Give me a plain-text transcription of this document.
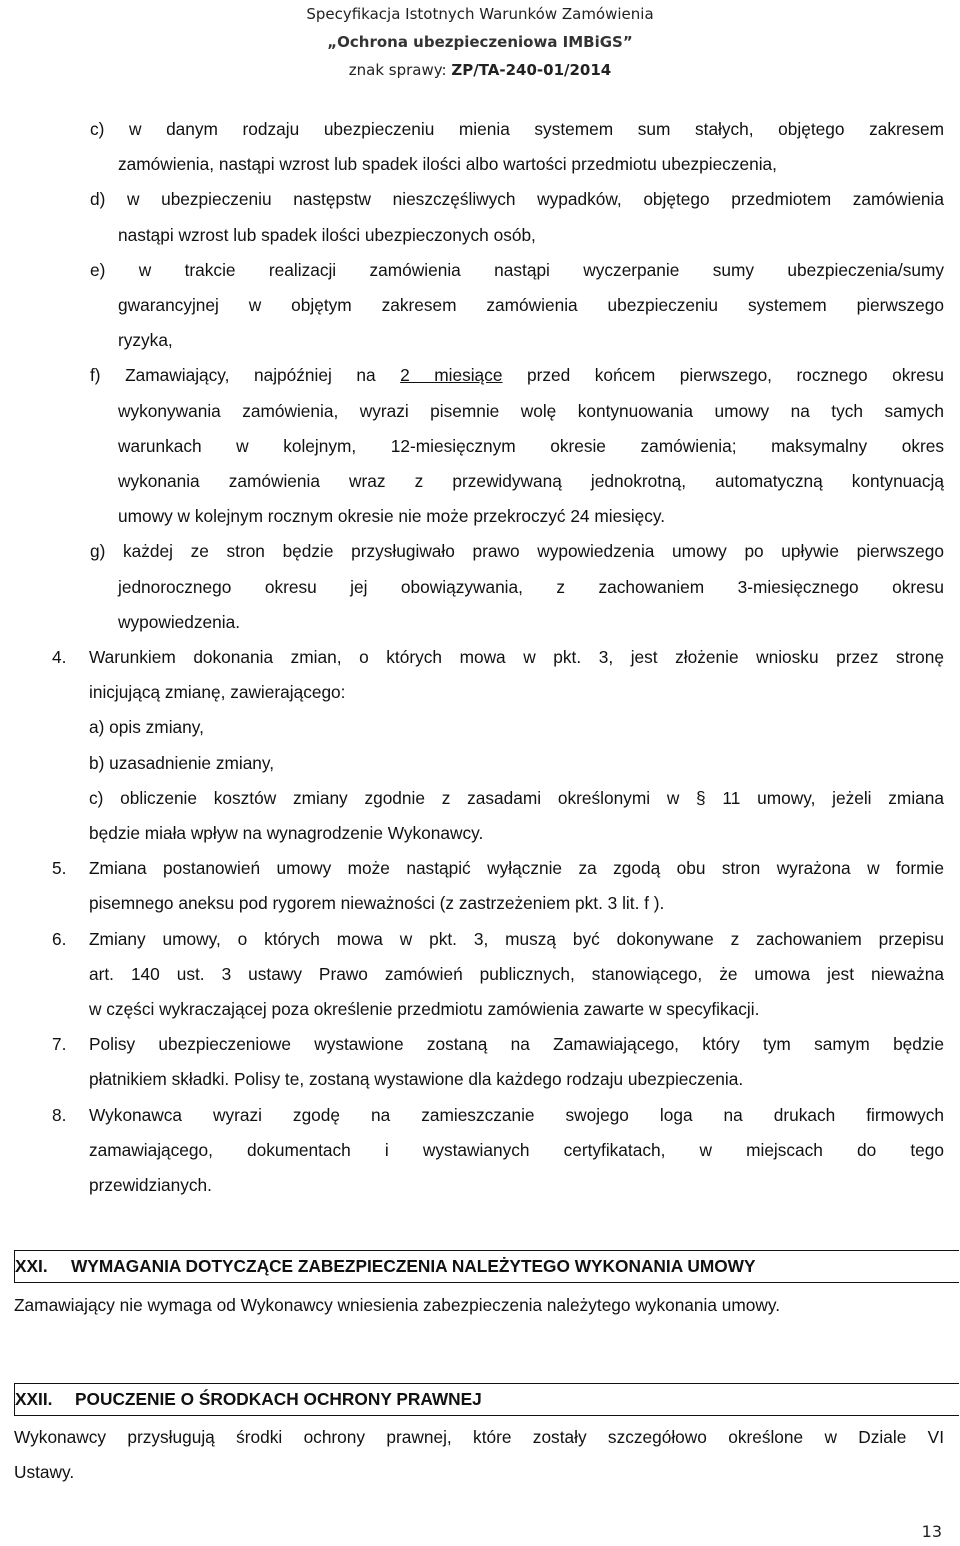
Specyfikacja Istotnych Warunków Zamówienia
„Ochrona ubezpieczeniowa IMBiGS”
znak sprawy: ZP/TA-240-01/2014
c) w danym rodzaju ubezpieczeniu mienia systemem sum stałych, objętego zakresem
zamówienia, nastąpi wzrost lub spadek ilości albo wartości przedmiotu ubezpieczenia,
d) w ubezpieczeniu następstw nieszczęśliwych wypadków, objętego przedmiotem zamówienia
nastąpi wzrost lub spadek ilości ubezpieczonych osób,
e) w trakcie realizacji zamówienia nastąpi wyczerpanie sumy ubezpieczenia/sumy
gwarancyjnej w objętym zakresem zamówienia ubezpieczeniu systemem pierwszego
ryzyka,
f) Zamawiający, najpóźniej na 2 miesiące przed końcem pierwszego, rocznego okresu
wykonywania zamówienia, wyrazi pisemnie wolę kontynuowania umowy na tych samych
warunkach w kolejnym, 12-miesięcznym okresie zamówienia; maksymalny okres
wykonania zamówienia wraz z przewidywaną jednokrotną, automatyczną kontynuacją
umowy w kolejnym rocznym okresie nie może przekroczyć 24 miesięcy.
g) każdej ze stron będzie przysługiwało prawo wypowiedzenia umowy po upływie pierwszego
jednorocznego okresu jej obowiązywania, z zachowaniem 3-miesięcznego okresu
wypowiedzenia.
4. Warunkiem dokonania zmian, o których mowa w pkt. 3, jest złożenie wniosku przez stronę
inicjującą zmianę, zawierającego:
a) opis zmiany,
b) uzasadnienie zmiany,
c) obliczenie kosztów zmiany zgodnie z zasadami określonymi w § 11 umowy, jeżeli zmiana
będzie miała wpływ na wynagrodzenie Wykonawcy.
5. Zmiana postanowień umowy może nastąpić wyłącznie za zgodą obu stron wyrażona w formie
pisemnego aneksu pod rygorem nieważności (z zastrzeżeniem pkt. 3 lit. f ).
6. Zmiany umowy, o których mowa w pkt. 3, muszą być dokonywane z zachowaniem przepisu
art. 140 ust. 3 ustawy Prawo zamówień publicznych, stanowiącego, że umowa jest nieważna
w części wykraczającej poza określenie przedmiotu zamówienia zawarte w specyfikacji.
7. Polisy ubezpieczeniowe wystawione zostaną na Zamawiającego, który tym samym będzie
płatnikiem składki. Polisy te, zostaną wystawione dla każdego rodzaju ubezpieczenia.
8. Wykonawca wyrazi zgodę na zamieszczanie swojego loga na drukach firmowych
zamawiającego, dokumentach i wystawianych certyfikatach, w miejscach do tego
przewidzianych.
XXI. WYMAGANIA DOTYCZĄCE ZABEZPIECZENIA NALEŻYTEGO WYKONANIA UMOWY
Zamawiający nie wymaga od Wykonawcy wniesienia zabezpieczenia należytego wykonania umowy.
XXII. POUCZENIE O ŚRODKACH OCHRONY PRAWNEJ
Wykonawcy przysługują środki ochrony prawnej, które zostały szczegółowo określone w Dziale VI
Ustawy.
13
